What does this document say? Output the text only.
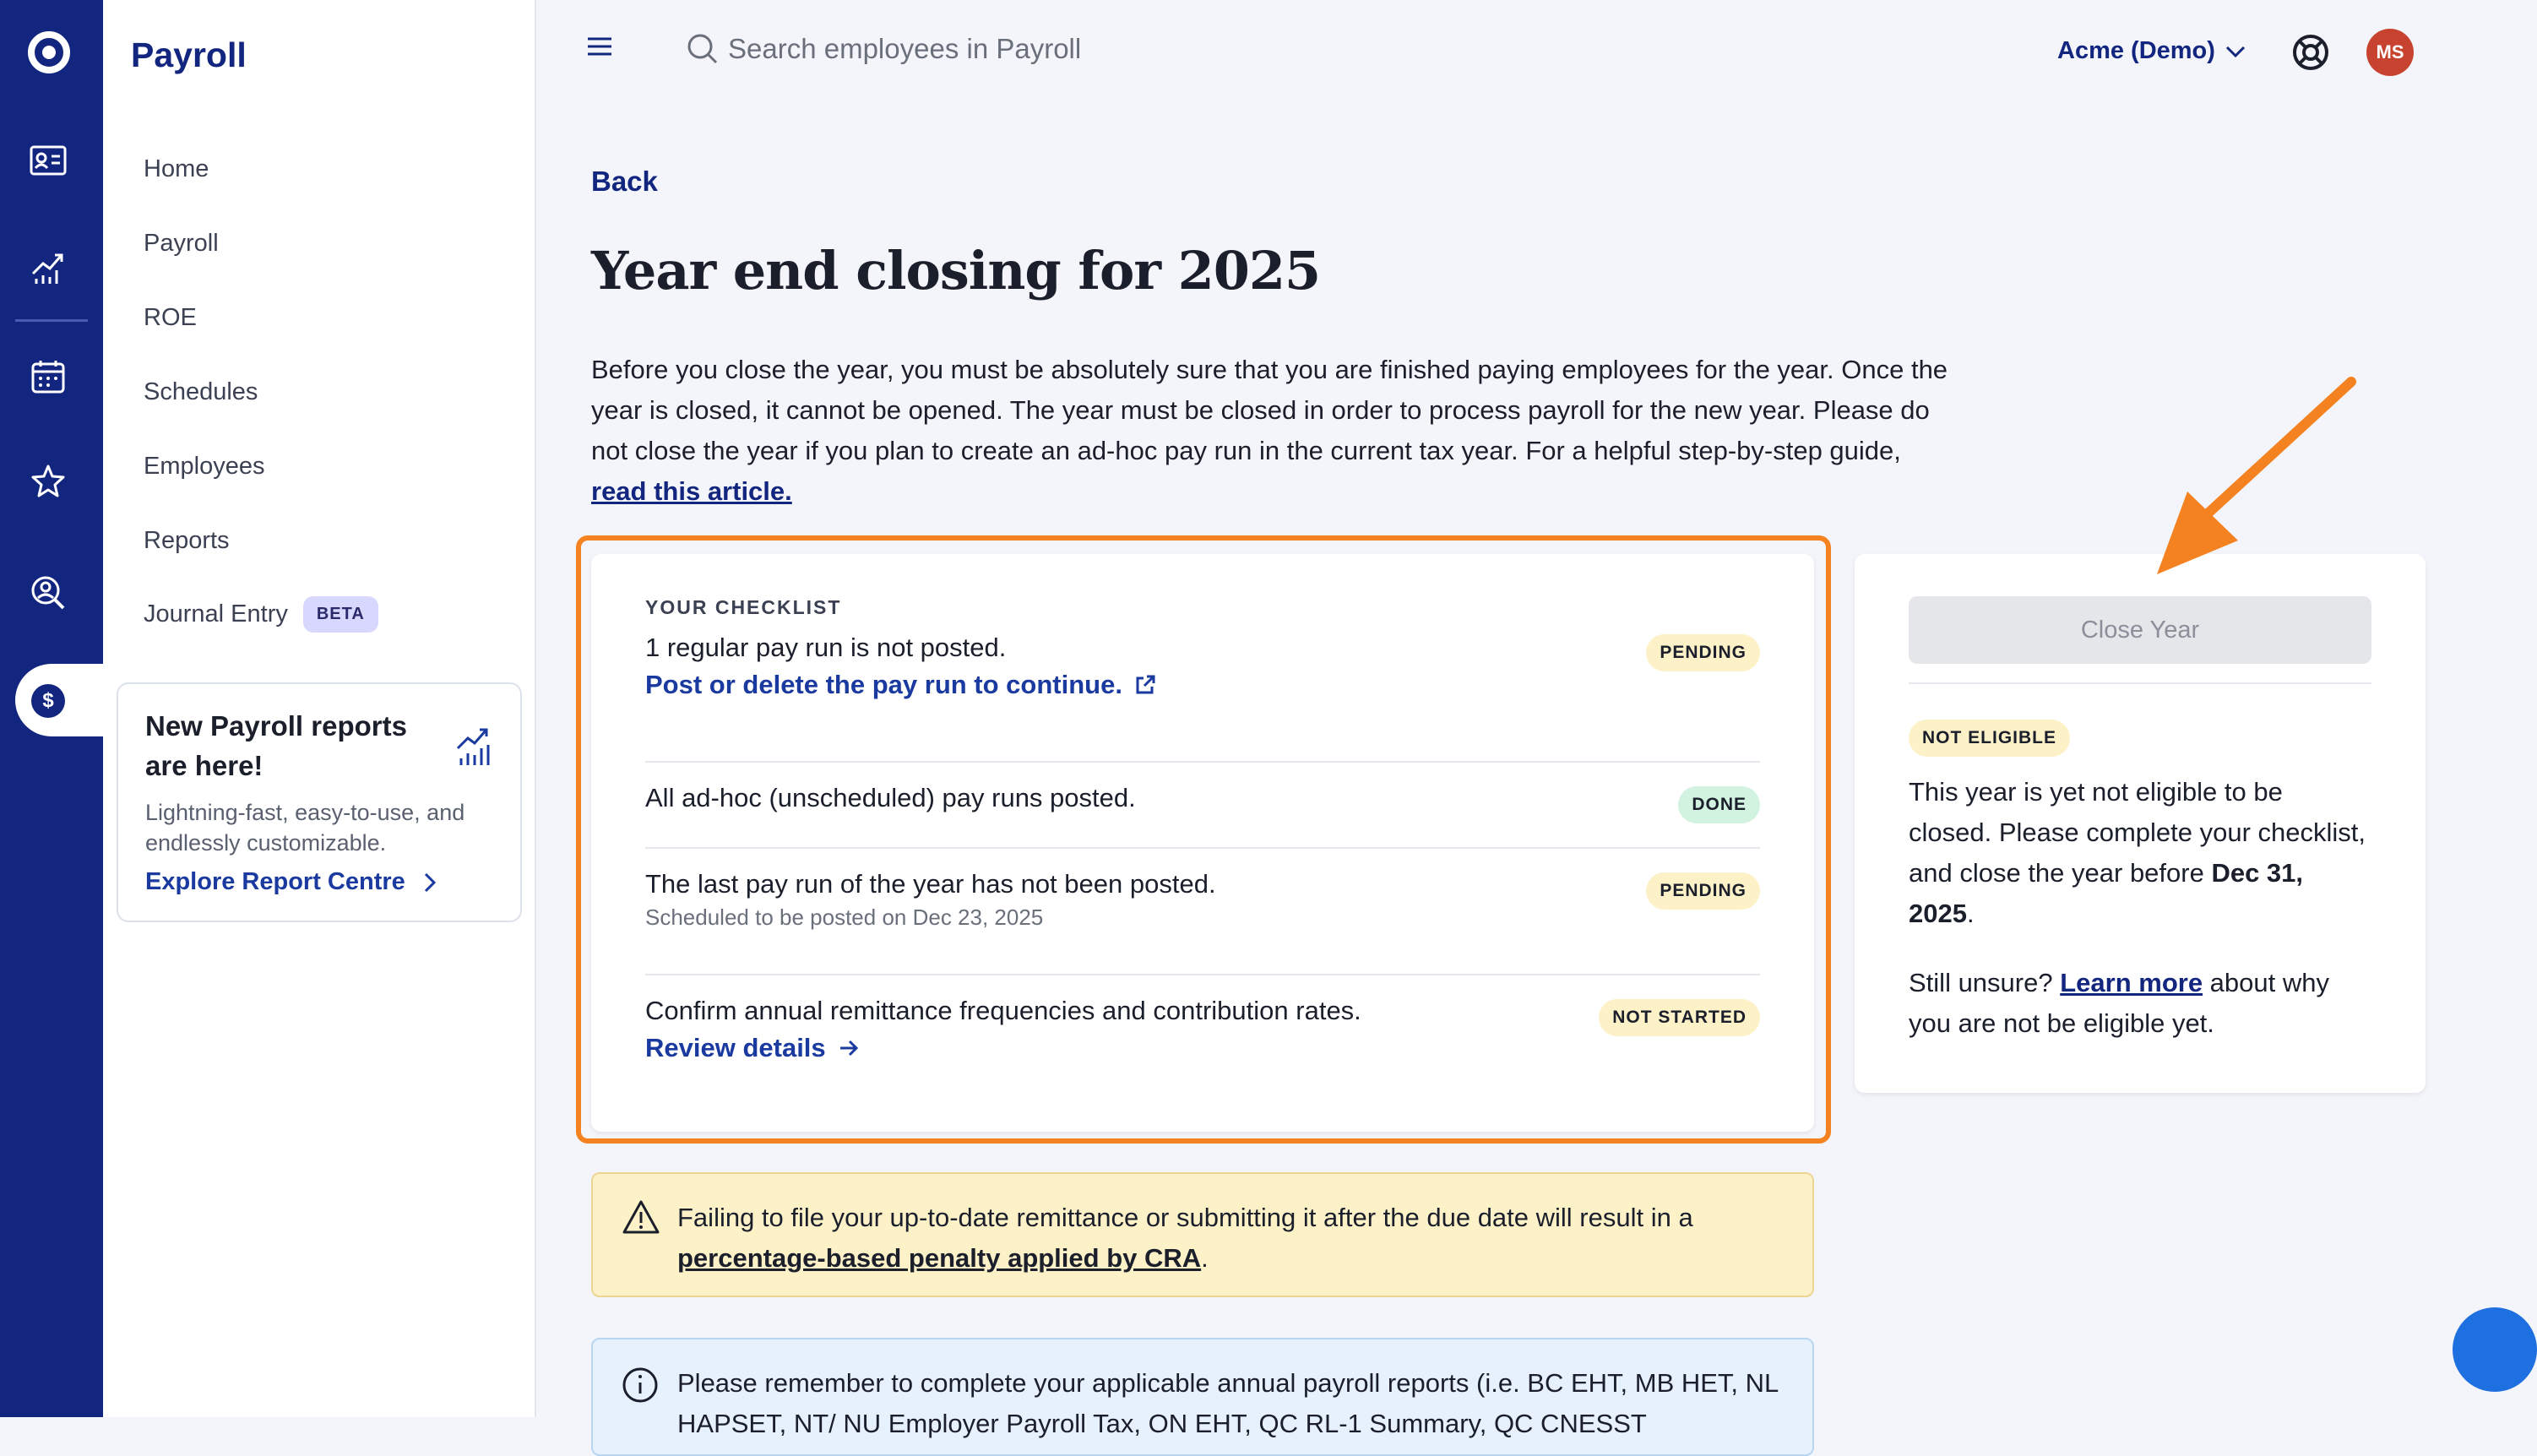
$
Payroll
Home
Payroll
ROE
Schedules
Employees
Reports
Journal Entry	BETA
New Payroll reports are here!
Lightning-fast, easy-to-use, and endlessly customizable.
Explore Report Centre
Search employees in Payroll	Acme (Demo)	MS
Back
Year end closing for 2025
Before you close the year, you must be absolutely sure that you are finished paying employees for the year. Once the year is closed, it cannot be opened. The year must be closed in order to process payroll for the new year. Please do not close the year if you plan to create an ad-hoc pay run in the current tax year. For a helpful step-by-step guide, read this article.
YOUR CHECKLIST
1 regular pay run is not posted.
Post or delete the pay run to continue.
PENDING
All ad-hoc (unscheduled) pay runs posted.	DONE
The last pay run of the year has not been posted.
Scheduled to be posted on Dec 23, 2025
PENDING
Confirm annual remittance frequencies and contribution rates.
Review details
NOT STARTED
Close Year
NOT ELIGIBLE
This year is yet not eligible to be closed. Please complete your checklist, and close the year before Dec 31, 2025.
Still unsure? Learn more about why you are not be eligible yet.
Failing to file your up-to-date remittance or submitting it after the due date will result in a percentage-based penalty applied by CRA.
Please remember to complete your applicable annual payroll reports (i.e. BC EHT, MB HET, NL HAPSET, NT/ NU Employer Payroll Tax, ON EHT, QC RL-1 Summary, QC CNESST
